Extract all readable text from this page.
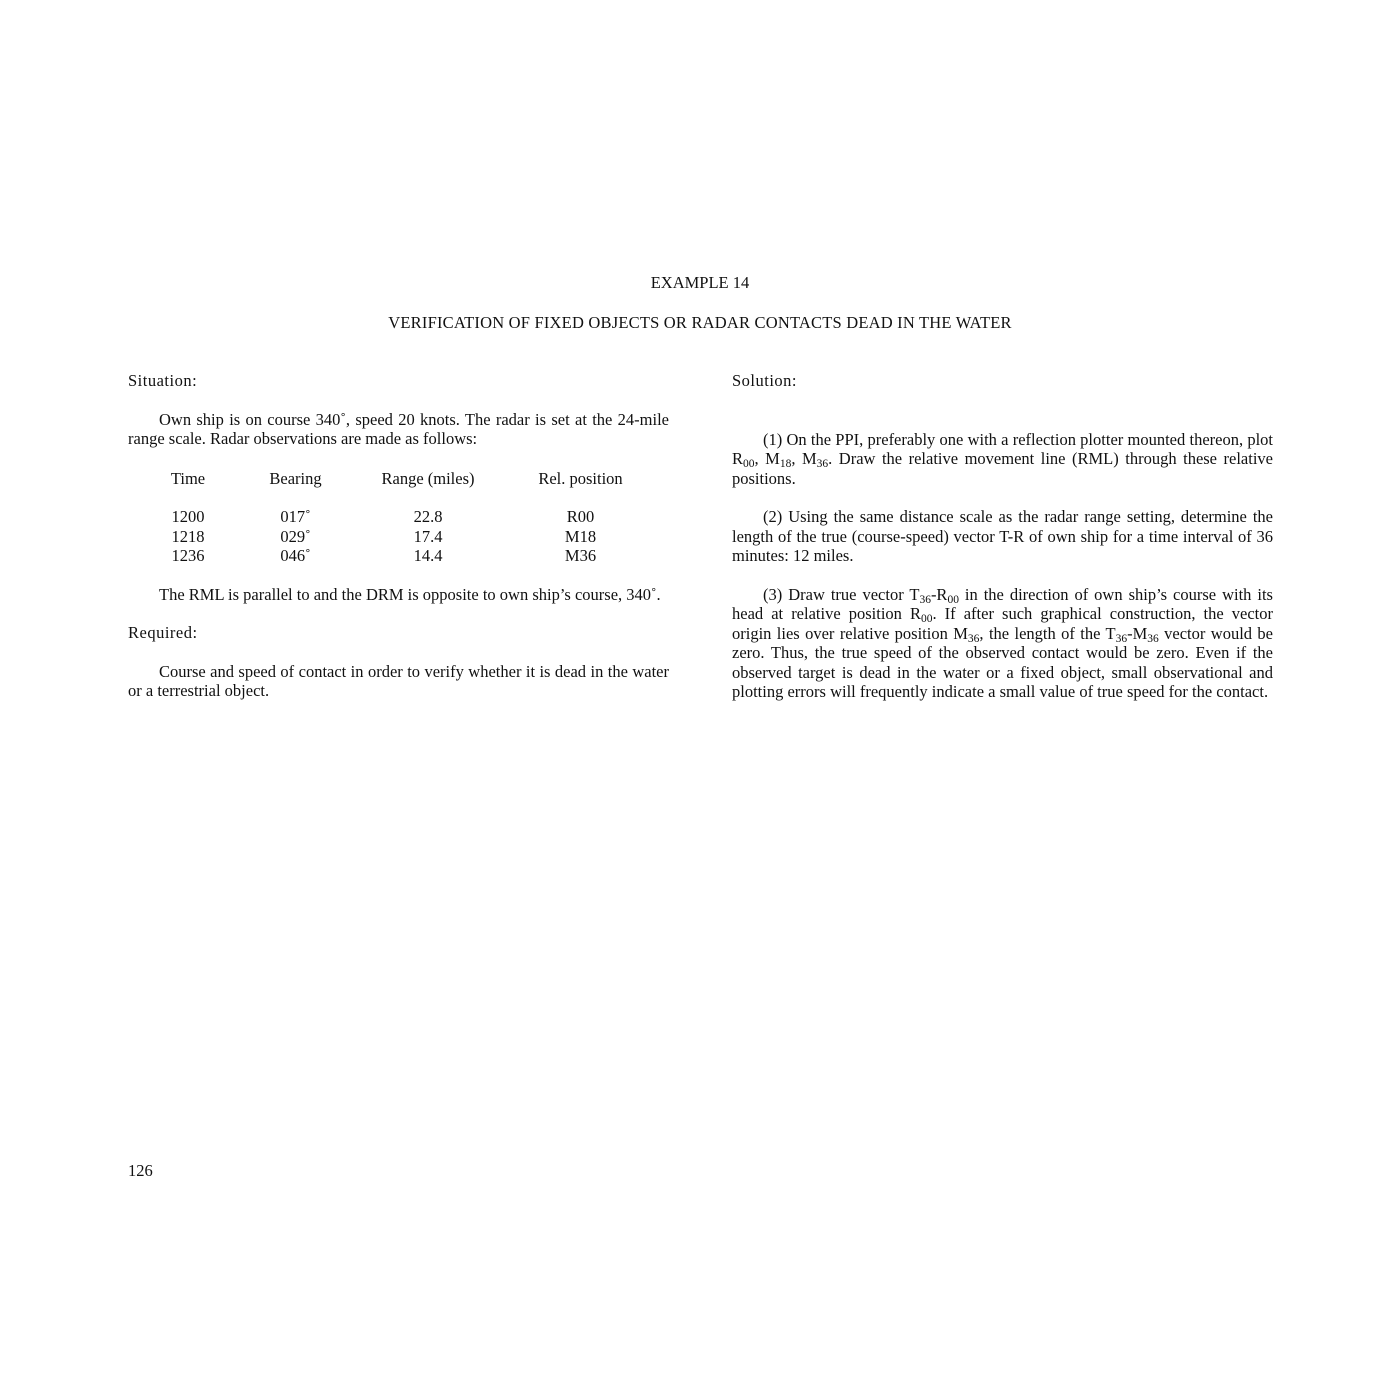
EXAMPLE 14
VERIFICATION OF FIXED OBJECTS OR RADAR CONTACTS DEAD IN THE WATER

Situation:

Own ship is on course 340˚, speed 20 knots. The radar is set at the 24-mile range scale. Radar observations are made as follows:

Time	Bearing	Range (miles)	Rel. position
1200	017˚	22.8	R00
1218	029˚	17.4	M18
1236	046˚	14.4	M36

The RML is parallel to and the DRM is opposite to own ship’s course, 340˚.

Required:

Course and speed of contact in order to verify whether it is dead in the water or a terrestrial object.

Solution:

(1) On the PPI, preferably one with a reflection plotter mounted thereon, plot $R_{00}$, $M_{18}$, $M_{36}$. Draw the relative movement line (RML) through these relative positions.

(2) Using the same distance scale as the radar range setting, determine the length of the true (course-speed) vector T-R of own ship for a time interval of 36 minutes: 12 miles.

(3) Draw true vector $T_{36}-R_{00}$ in the direction of own ship’s course with its head at relative position $R_{00}$. If after such graphical construction, the vector origin lies over relative position $M_{36}$, the length of the $T_{36}-M_{36}$ vector would be zero. Thus, the true speed of the observed contact would be zero. Even if the observed target is dead in the water or a fixed object, small observational and plotting errors will frequently indicate a small value of true speed for the contact.

126
